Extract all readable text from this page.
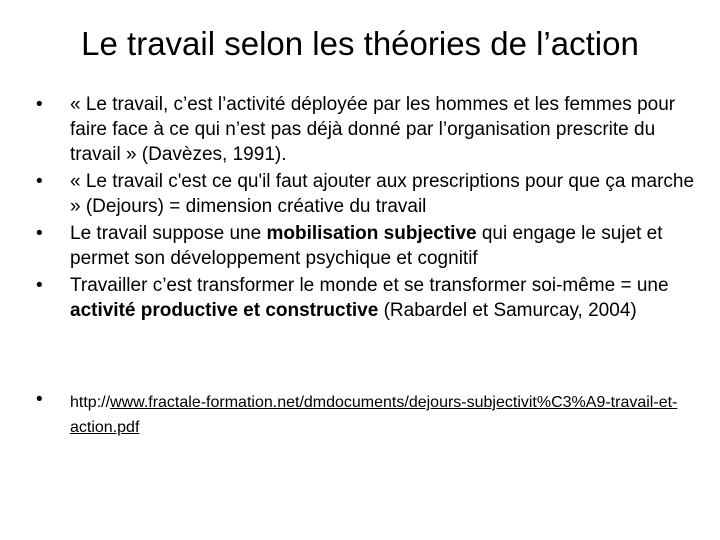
Le travail selon les théories de l’action
•	« Le travail, c’est l’activité déployée par les hommes et les femmes pour faire face à ce qui n’est pas déjà donné par l’organisation prescrite du travail » (Davèzes, 1991).
•	« Le travail c'est ce qu'il faut ajouter aux prescriptions pour que ça marche » (Dejours) = dimension créative du travail
•	Le travail suppose une mobilisation subjective qui engage le sujet et permet son développement psychique et cognitif
•	Travailler c’est transformer le monde et se transformer soi-même = une activité productive et constructive (Rabardel et Samurcay, 2004)
•	http://www.fractale-formation.net/dmdocuments/dejours-subjectivit%C3%A9-travail-et-action.pdf
